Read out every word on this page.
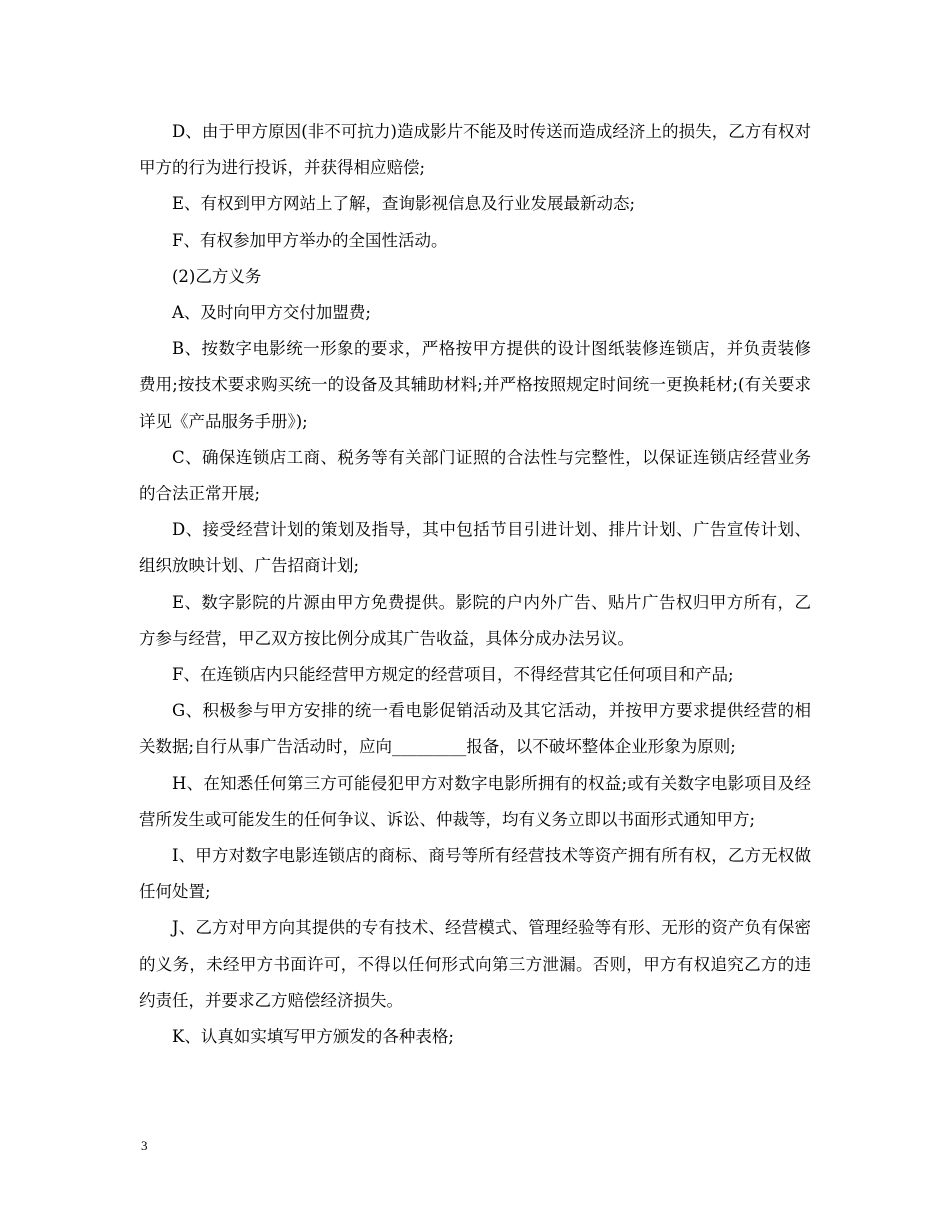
D、由于甲方原因(非不可抗力)造成影片不能及时传送而造成经济上的损失，乙方有权对甲方的行为进行投诉，并获得相应赔偿;

E、有权到甲方网站上了解，查询影视信息及行业发展最新动态;

F、有权参加甲方举办的全国性活动。

(2)乙方义务

A、及时向甲方交付加盟费;

B、按数字电影统一形象的要求，严格按甲方提供的设计图纸装修连锁店，并负责装修费用;按技术要求购买统一的设备及其辅助材料;并严格按照规定时间统一更换耗材;(有关要求详见《产品服务手册》);

C、确保连锁店工商、税务等有关部门证照的合法性与完整性，以保证连锁店经营业务的合法正常开展;

D、接受经营计划的策划及指导，其中包括节目引进计划、排片计划、广告宣传计划、组织放映计划、广告招商计划;

E、数字影院的片源由甲方免费提供。影院的户内外广告、贴片广告权归甲方所有，乙方参与经营，甲乙双方按比例分成其广告收益，具体分成办法另议。

F、在连锁店内只能经营甲方规定的经营项目，不得经营其它任何项目和产品;

G、积极参与甲方安排的统一看电影促销活动及其它活动，并按甲方要求提供经营的相关数据;自行从事广告活动时，应向_________报备，以不破坏整体企业形象为原则;

H、在知悉任何第三方可能侵犯甲方对数字电影所拥有的权益;或有关数字电影项目及经营所发生或可能发生的任何争议、诉讼、仲裁等，均有义务立即以书面形式通知甲方;

I、甲方对数字电影连锁店的商标、商号等所有经营技术等资产拥有所有权，乙方无权做任何处置;

J、乙方对甲方向其提供的专有技术、经营模式、管理经验等有形、无形的资产负有保密的义务，未经甲方书面许可，不得以任何形式向第三方泄漏。否则，甲方有权追究乙方的违约责任，并要求乙方赔偿经济损失。

K、认真如实填写甲方颁发的各种表格;

3
